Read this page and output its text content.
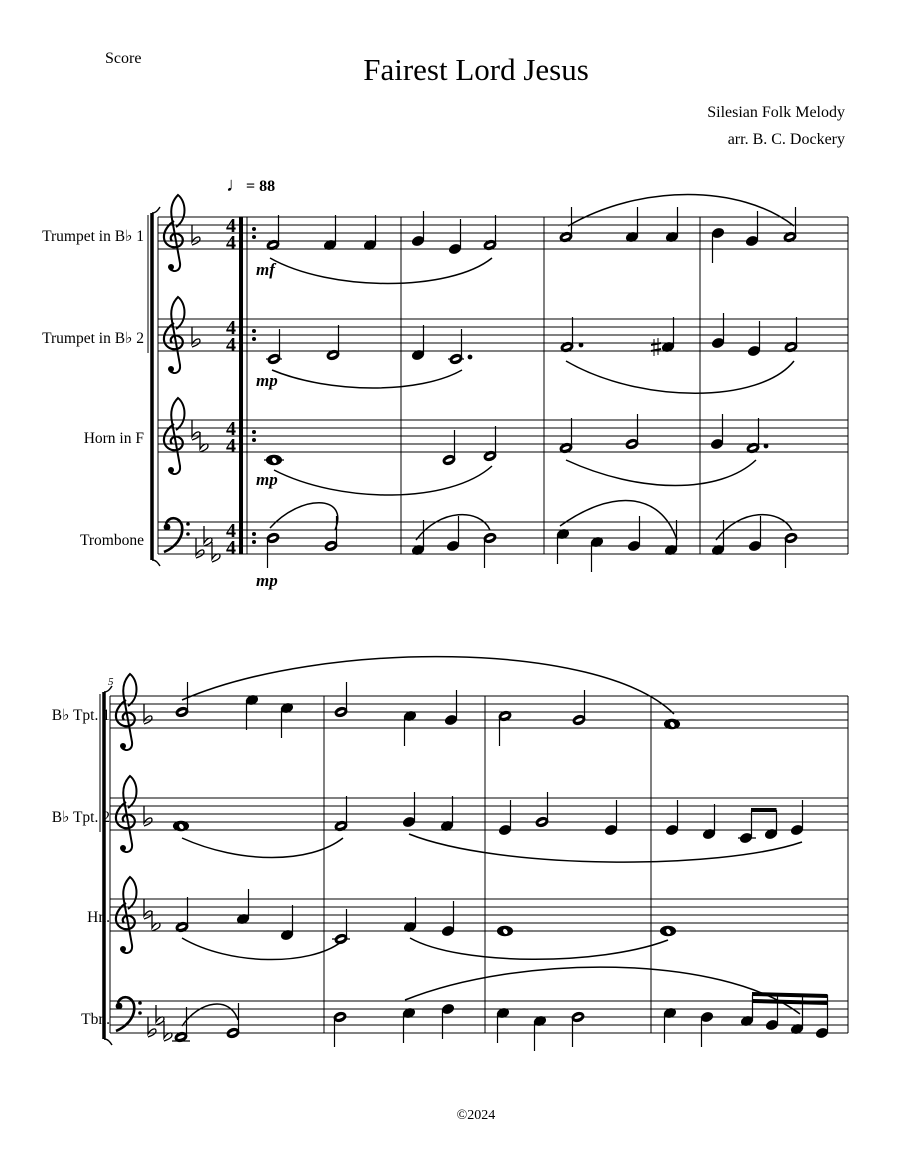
Score	Fairest Lord Jesus
Silesian Folk Melody
arr. B. C. Dockery
♩= 88
Trumpet in B♭ 1
Trumpet in B♭ 2
Horn in F
Trombone
5
B♭ Tpt. 1
B♭ Tpt. 2
Hn.
Tbn.
4
4
4
4
4
4
4
4
mf
mp
mp
mp
©2024
